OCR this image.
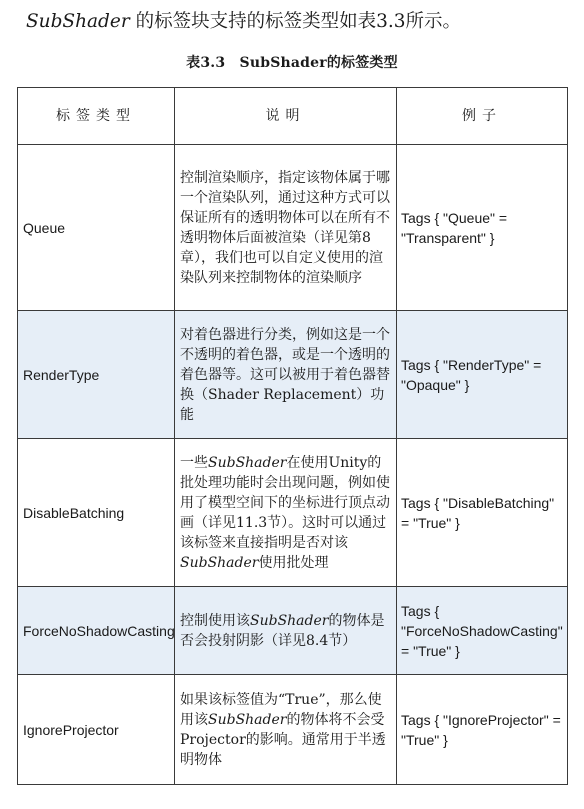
SubShader 的标签块支持的标签类型如表3.3所示。
表3.3　SubShader的标签类型
标签类型	说明	例子
Queue	控制渲染顺序，指定该物体属于哪一个渲染队列，通过这种方式可以保证所有的透明物体可以在所有不透明物体后面被渲染（详见第8章），我们也可以自定义使用的渲染队列来控制物体的渲染顺序	Tags { "Queue" = "Transparent" }
RenderType	对着色器进行分类，例如这是一个不透明的着色器，或是一个透明的着色器等。这可以被用于着色器替换（Shader Replacement）功能	Tags { "RenderType" = "Opaque" }
DisableBatching	一些SubShader在使用Unity的批处理功能时会出现问题，例如使用了模型空间下的坐标进行顶点动画（详见11.3节）。这时可以通过该标签来直接指明是否对该SubShader使用批处理	Tags { "DisableBatching" = "True" }
ForceNoShadowCasting	控制使用该SubShader的物体是否会投射阴影（详见8.4节）	Tags { "ForceNoShadowCasting" = "True" }
IgnoreProjector	如果该标签值为“True”，那么使用该SubShader的物体将不会受Projector的影响。通常用于半透明物体	Tags { "IgnoreProjector" = "True" }
